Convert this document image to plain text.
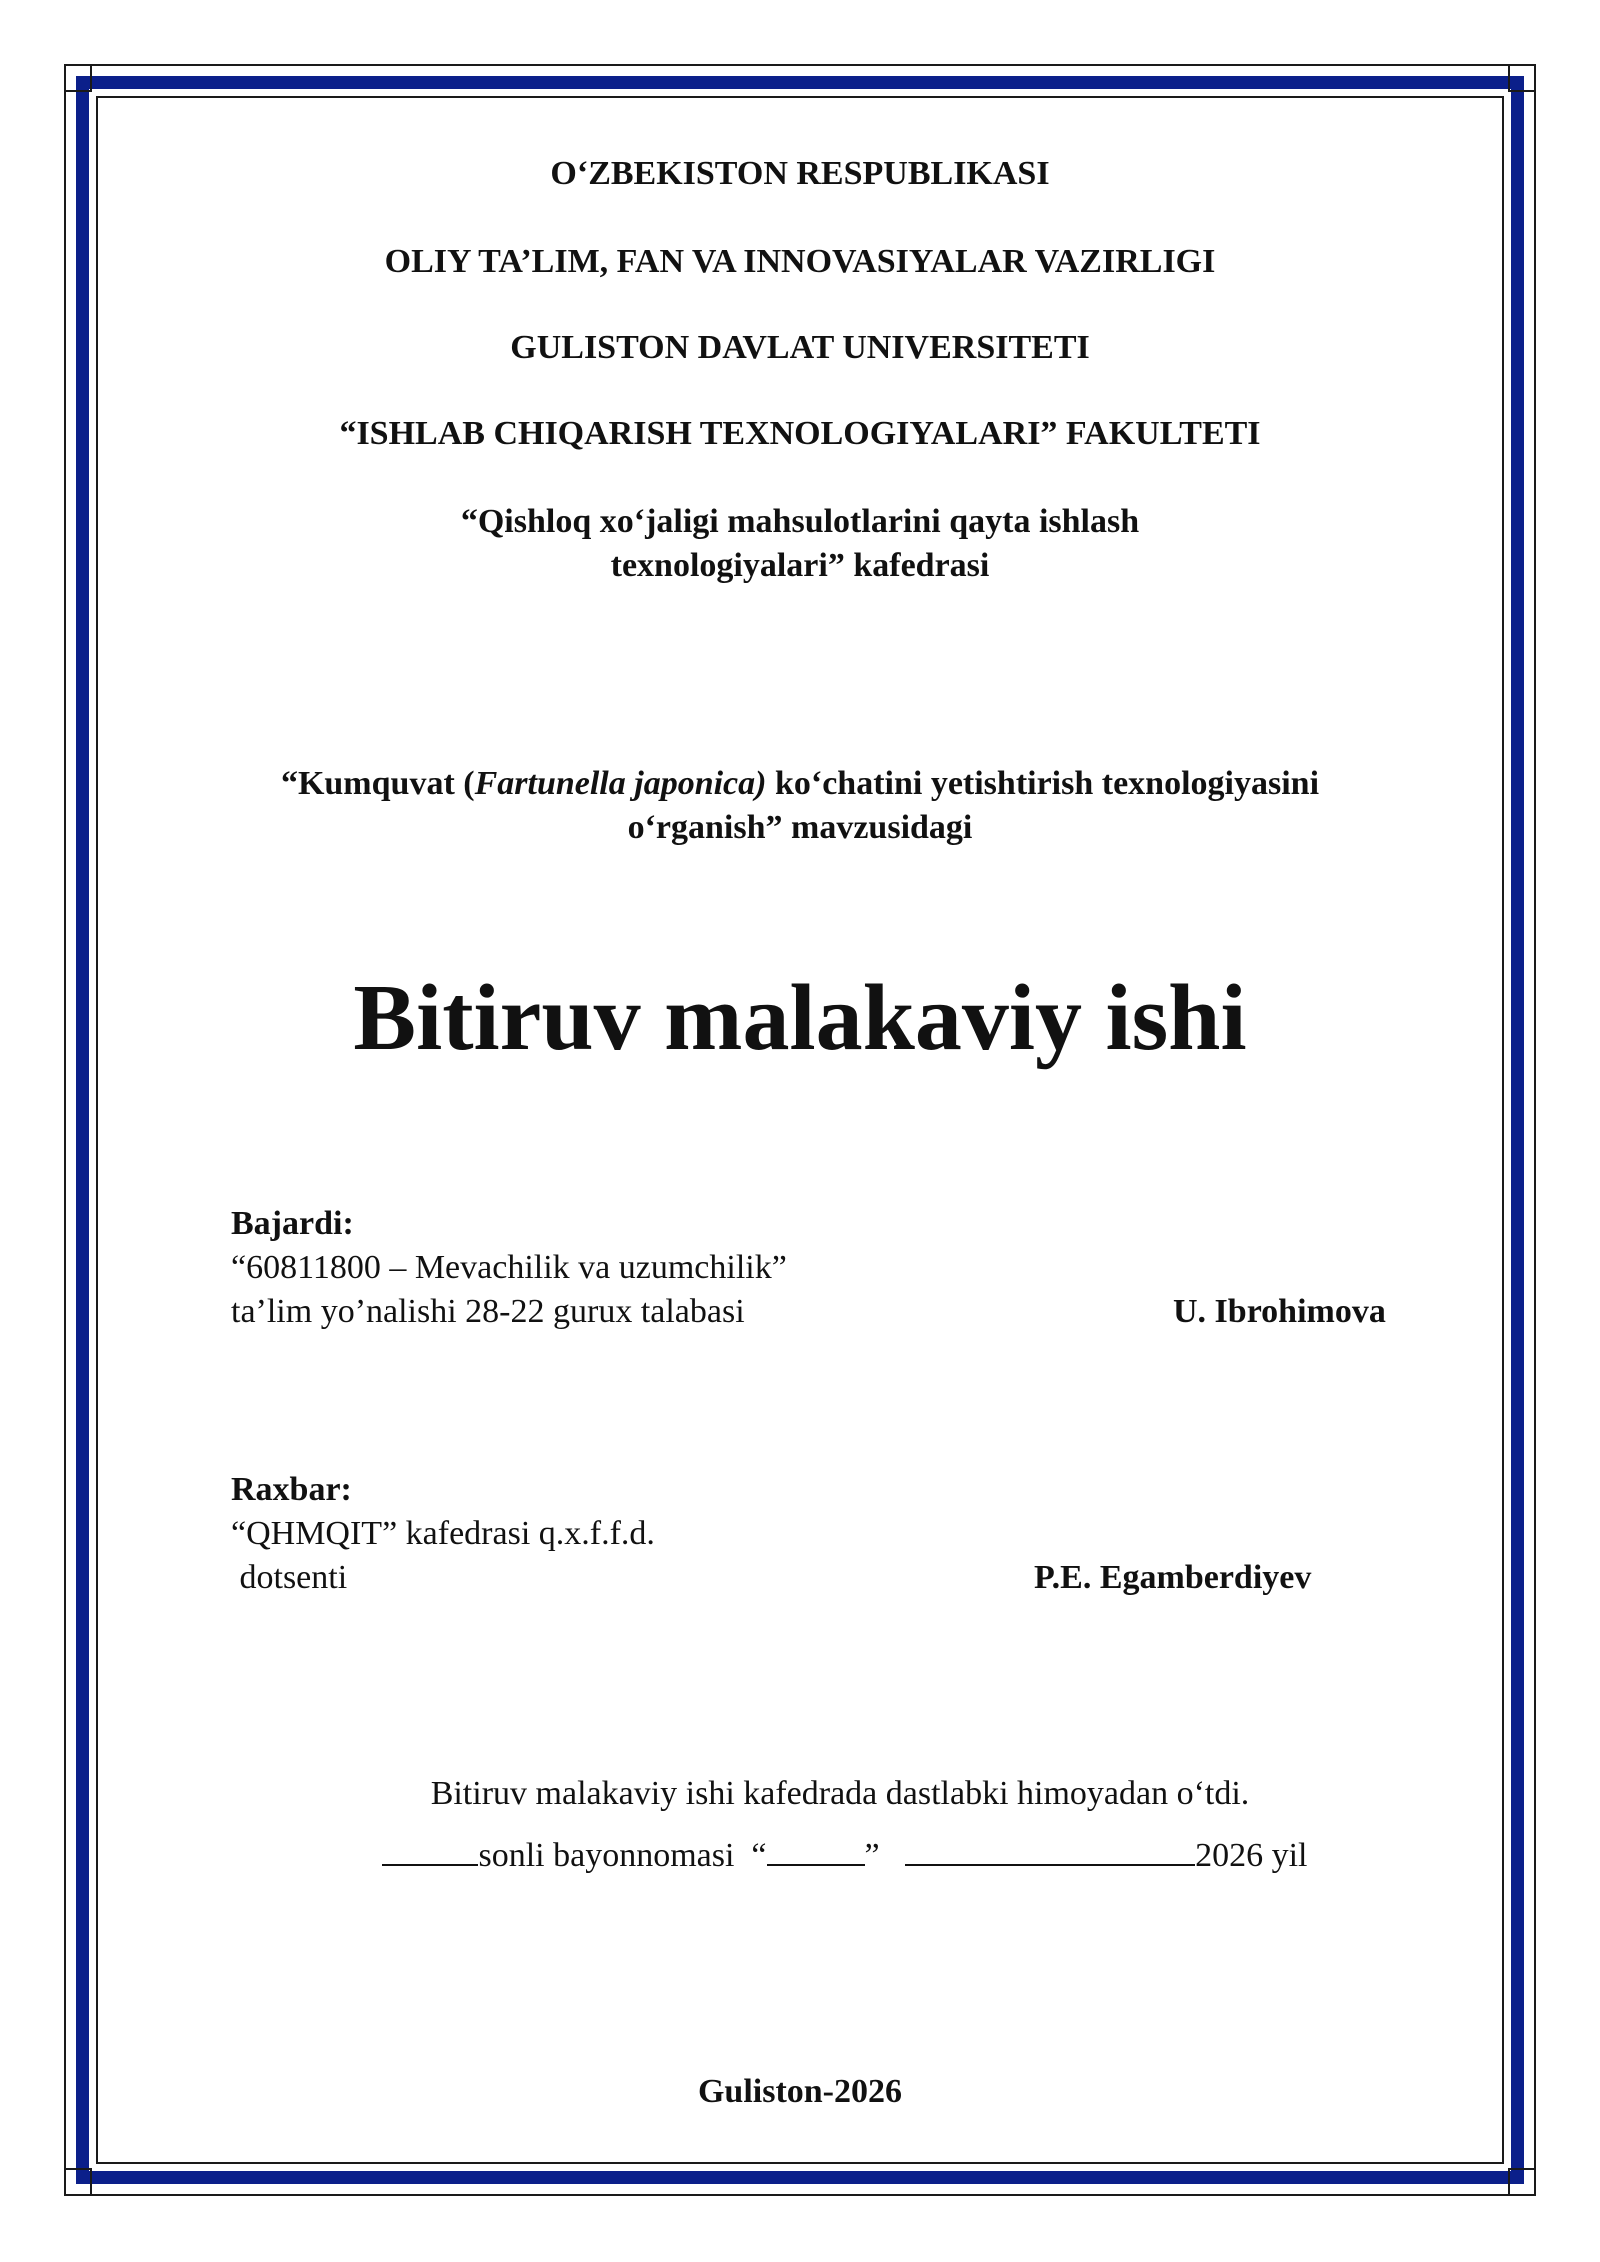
O‘ZBEKISTON RESPUBLIKASI
OLIY TA’LIM, FAN VA INNOVASIYALAR VAZIRLIGI
GULISTON DAVLAT UNIVERSITETI
“ISHLAB CHIQARISH TEXNOLOGIYALARI” FAKULTETI
“Qishloq xo‘jaligi mahsulotlarini qayta ishlash
texnologiyalari” kafedrasi
“Kumquvat (Fartunella japonica) ko‘chatini yetishtirish texnologiyasini
o‘rganish” mavzusidagi
Bitiruv malakaviy ishi
Bajardi:
“60811800 – Mevachilik va uzumchilik”
ta’lim yo’nalishi 28-22 gurux talabasi	U. Ibrohimova
Raxbar:
“QHMQIT” kafedrasi q.x.f.f.d.
dotsenti	P.E. Egamberdiyev
Bitiruv malakaviy ishi kafedrada dastlabki himoyadan o‘tdi.
sonli bayonnomasi  “	”	2026 yil
Guliston-2026
